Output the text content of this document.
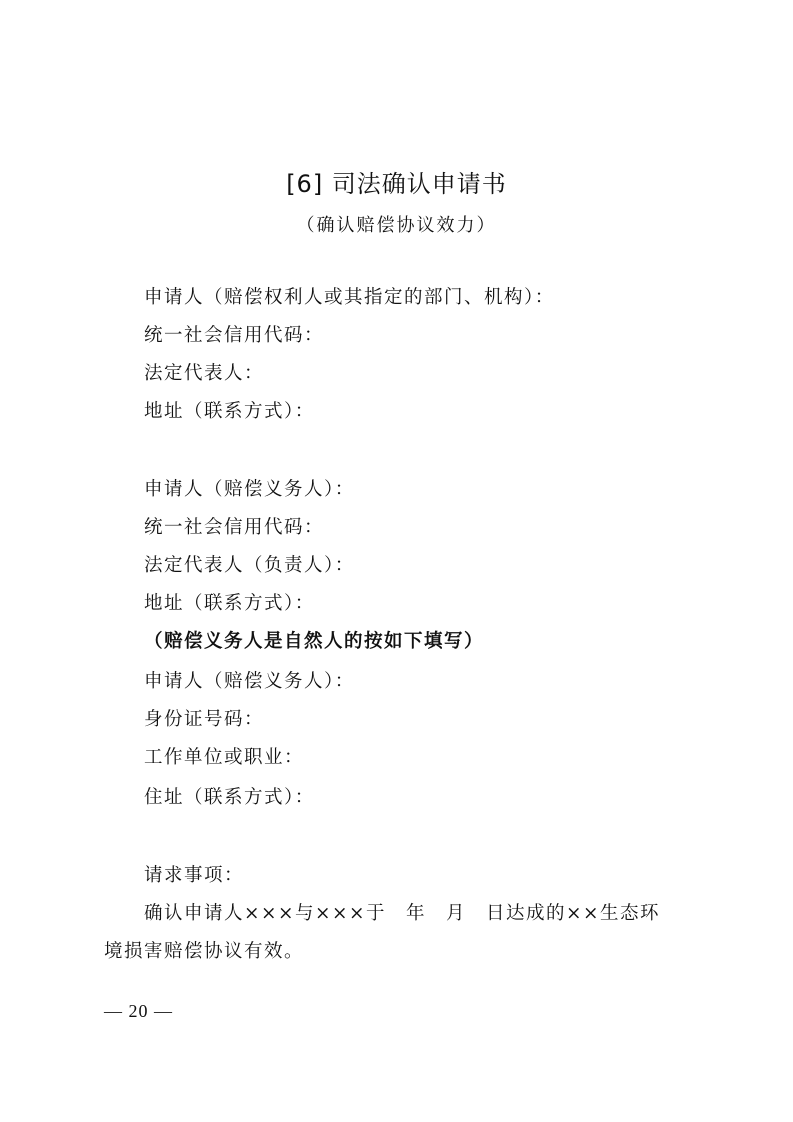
[6] 司法确认申请书
（确认赔偿协议效力）
申请人（赔偿权利人或其指定的部门、机构）：
统一社会信用代码：
法定代表人：
地址（联系方式）：
申请人（赔偿义务人）：
统一社会信用代码：
法定代表人（负责人）：
地址（联系方式）：
（赔偿义务人是自然人的按如下填写）
申请人（赔偿义务人）：
身份证号码：
工作单位或职业：
住址（联系方式）：
请求事项：
确认申请人×××与×××于　年　月　日达成的××生态环
境损害赔偿协议有效。
— 20 —
